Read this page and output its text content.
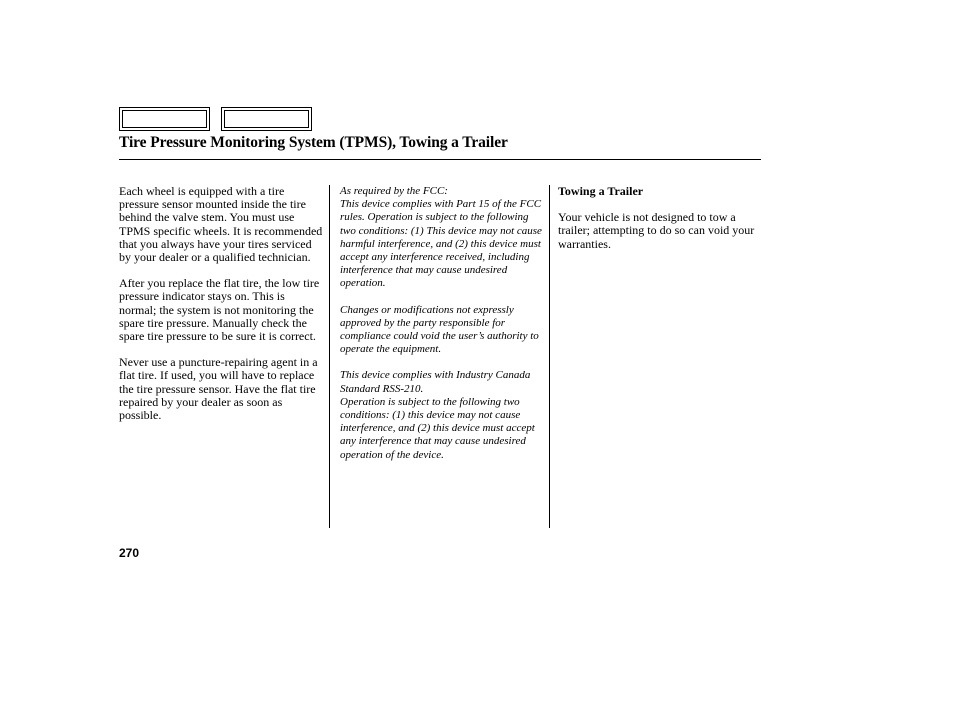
Tire Pressure Monitoring System (TPMS), Towing a Trailer

Each wheel is equipped with a tire pressure sensor mounted inside the tire behind the valve stem. You must use TPMS specific wheels. It is recommended that you always have your tires serviced by your dealer or a qualified technician.

After you replace the flat tire, the low tire pressure indicator stays on. This is normal; the system is not monitoring the spare tire pressure. Manually check the spare tire pressure to be sure it is correct.

Never use a puncture-repairing agent in a flat tire. If used, you will have to replace the tire pressure sensor. Have the flat tire repaired by your dealer as soon as possible.

As required by the FCC:

This device complies with Part 15 of the FCC rules. Operation is subject to the following two conditions: (1) This device may not cause harmful interference, and (2) this device must accept any interference received, including interference that may cause undesired operation.

Changes or modifications not expressly approved by the party responsible for compliance could void the user’s authority to operate the equipment.

This device complies with Industry Canada Standard RSS-210.

Operation is subject to the following two conditions: (1) this device may not cause interference, and (2) this device must accept any interference that may cause undesired operation of the device.

Towing a Trailer

Your vehicle is not designed to tow a trailer; attempting to do so can void your warranties.

270
